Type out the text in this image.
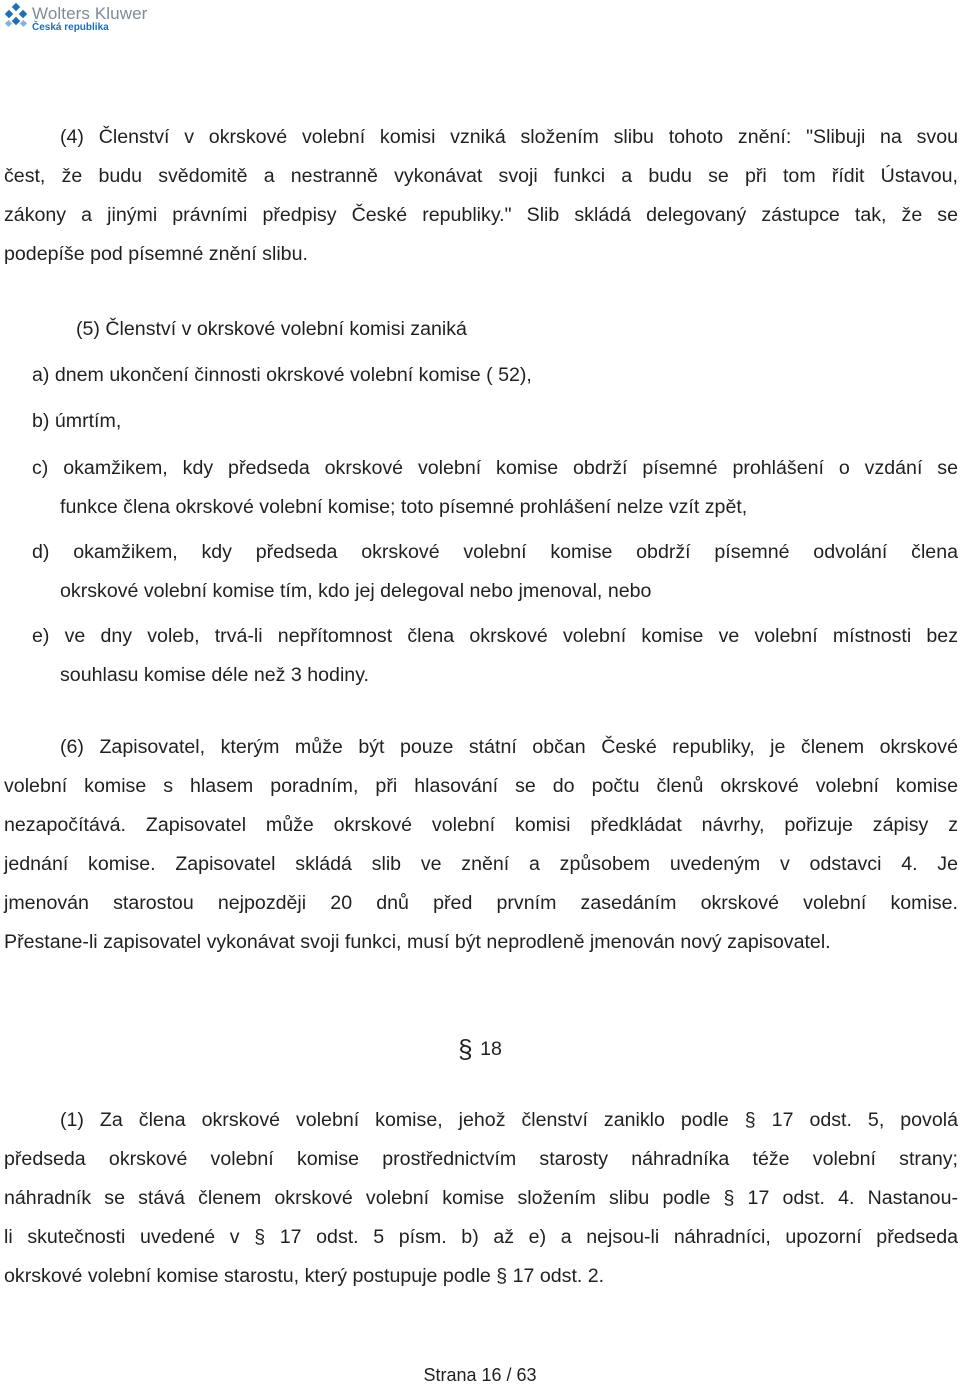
Wolters Kluwer
Česká republika
(4) Členství v okrskové volební komisi vzniká složením slibu tohoto znění: "Slibuji na svou
čest, že budu svědomitě a nestranně vykonávat svoji funkci a budu se při tom řídit Ústavou,
zákony a jinými právními předpisy České republiky." Slib skládá delegovaný zástupce tak, že se
podepíše pod písemné znění slibu.
(5) Členství v okrskové volební komisi zaniká
a) dnem ukončení činnosti okrskové volební komise ( 52),
b) úmrtím,
c) okamžikem, kdy předseda okrskové volební komise obdrží písemné prohlášení o vzdání se
funkce člena okrskové volební komise; toto písemné prohlášení nelze vzít zpět,
d) okamžikem, kdy předseda okrskové volební komise obdrží písemné odvolání člena
okrskové volební komise tím, kdo jej delegoval nebo jmenoval, nebo
e) ve dny voleb, trvá-li nepřítomnost člena okrskové volební komise ve volební místnosti bez
souhlasu komise déle než 3 hodiny.
(6) Zapisovatel, kterým může být pouze státní občan České republiky, je členem okrskové
volební komise s hlasem poradním, při hlasování se do počtu členů okrskové volební komise
nezapočítává. Zapisovatel může okrskové volební komisi předkládat návrhy, pořizuje zápisy z
jednání komise. Zapisovatel skládá slib ve znění a způsobem uvedeným v odstavci 4. Je
jmenován starostou nejpozději 20 dnů před prvním zasedáním okrskové volební komise.
Přestane-li zapisovatel vykonávat svoji funkci, musí být neprodleně jmenován nový zapisovatel.
§ 18
(1) Za člena okrskové volební komise, jehož členství zaniklo podle § 17 odst. 5, povolá
předseda okrskové volební komise prostřednictvím starosty náhradníka téže volební strany;
náhradník se stává členem okrskové volební komise složením slibu podle § 17 odst. 4. Nastanou-
li skutečnosti uvedené v § 17 odst. 5 písm. b) až e) a nejsou-li náhradníci, upozorní předseda
okrskové volební komise starostu, který postupuje podle § 17 odst. 2.
Strana 16 / 63
